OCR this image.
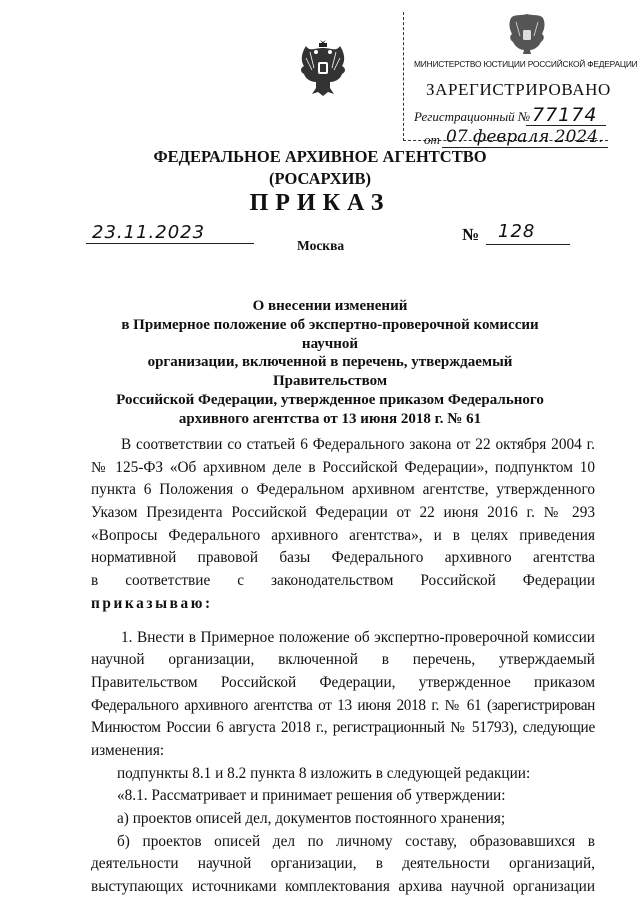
МИНИСТЕРСТВО ЮСТИЦИИ РОССИЙСКОЙ ФЕДЕРАЦИИ
ЗАРЕГИСТРИРОВАНО
Регистрационный № 77174
от 07 февраля 2024.
ФЕДЕРАЛЬНОЕ АРХИВНОЕ АГЕНТСТВО
(РОСАРХИВ)
ПРИКАЗ
23.11.2023
Москва
№ 128
О внесении изменений
в Примерное положение об экспертно-проверочной комиссии научной
организации, включенной в перечень, утверждаемый Правительством
Российской Федерации, утвержденное приказом Федерального
архивного агентства от 13 июня 2018 г. № 61
В соответствии со статьей 6 Федерального закона от 22 октября 2004 г.
№ 125-ФЗ «Об архивном деле в Российской Федерации», подпунктом 10
пункта 6 Положения о Федеральном архивном агентстве, утвержденного
Указом Президента Российской Федерации от 22 июня 2016 г. № 293
«Вопросы Федерального архивного агентства», и в целях приведения
нормативной правовой базы Федерального архивного агентства
в соответствие с законодательством Российской Федерации
приказываю:
1. Внести в Примерное положение об экспертно-проверочной комиссии
научной организации, включенной в перечень, утверждаемый
Правительством Российской Федерации, утвержденное приказом
Федерального архивного агентства от 13 июня 2018 г. № 61 (зарегистрирован
Минюстом России 6 августа 2018 г., регистрационный № 51793), следующие
изменения:
подпункты 8.1 и 8.2 пункта 8 изложить в следующей редакции:
«8.1. Рассматривает и принимает решения об утверждении:
а) проектов описей дел, документов постоянного хранения;
б) проектов описей дел по личному составу, образовавшихся в
деятельности научной организации, в деятельности организаций,
выступающих источниками комплектования архива научной организации
